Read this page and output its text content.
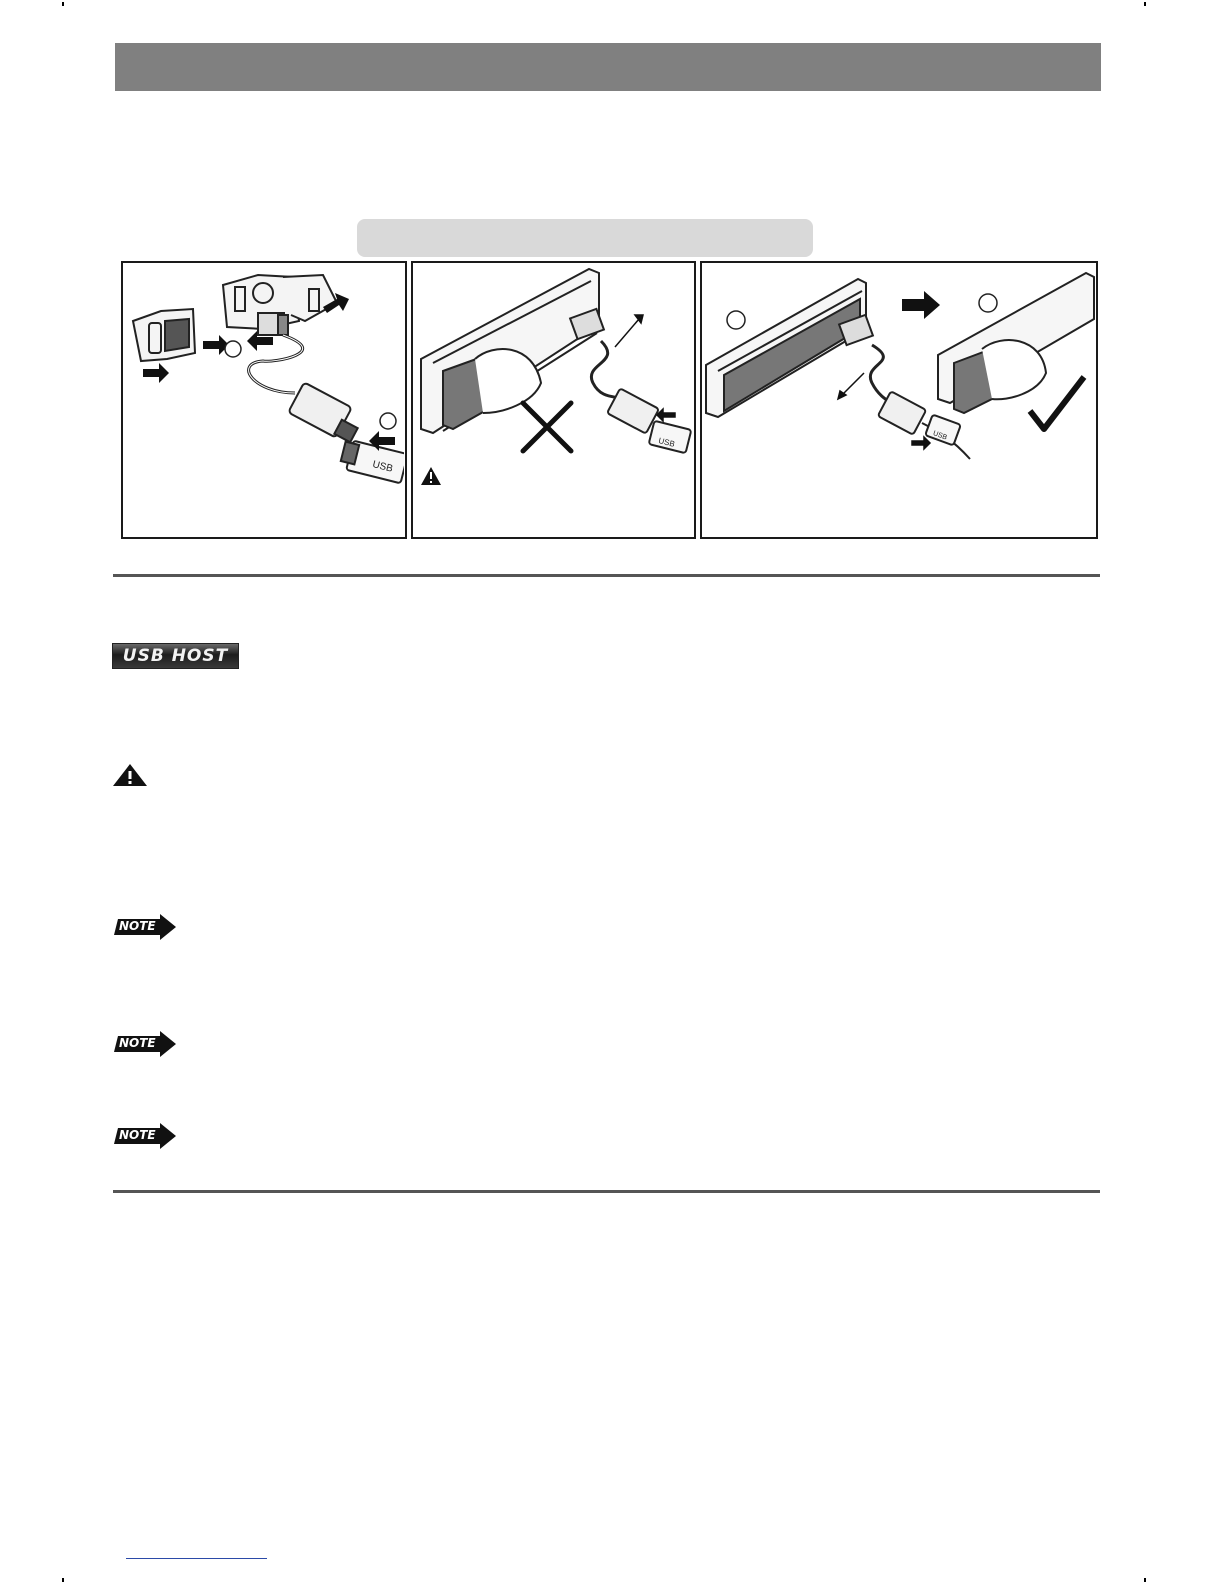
USB
USB
USB
USB HOST
NOTE
NOTE
NOTE
